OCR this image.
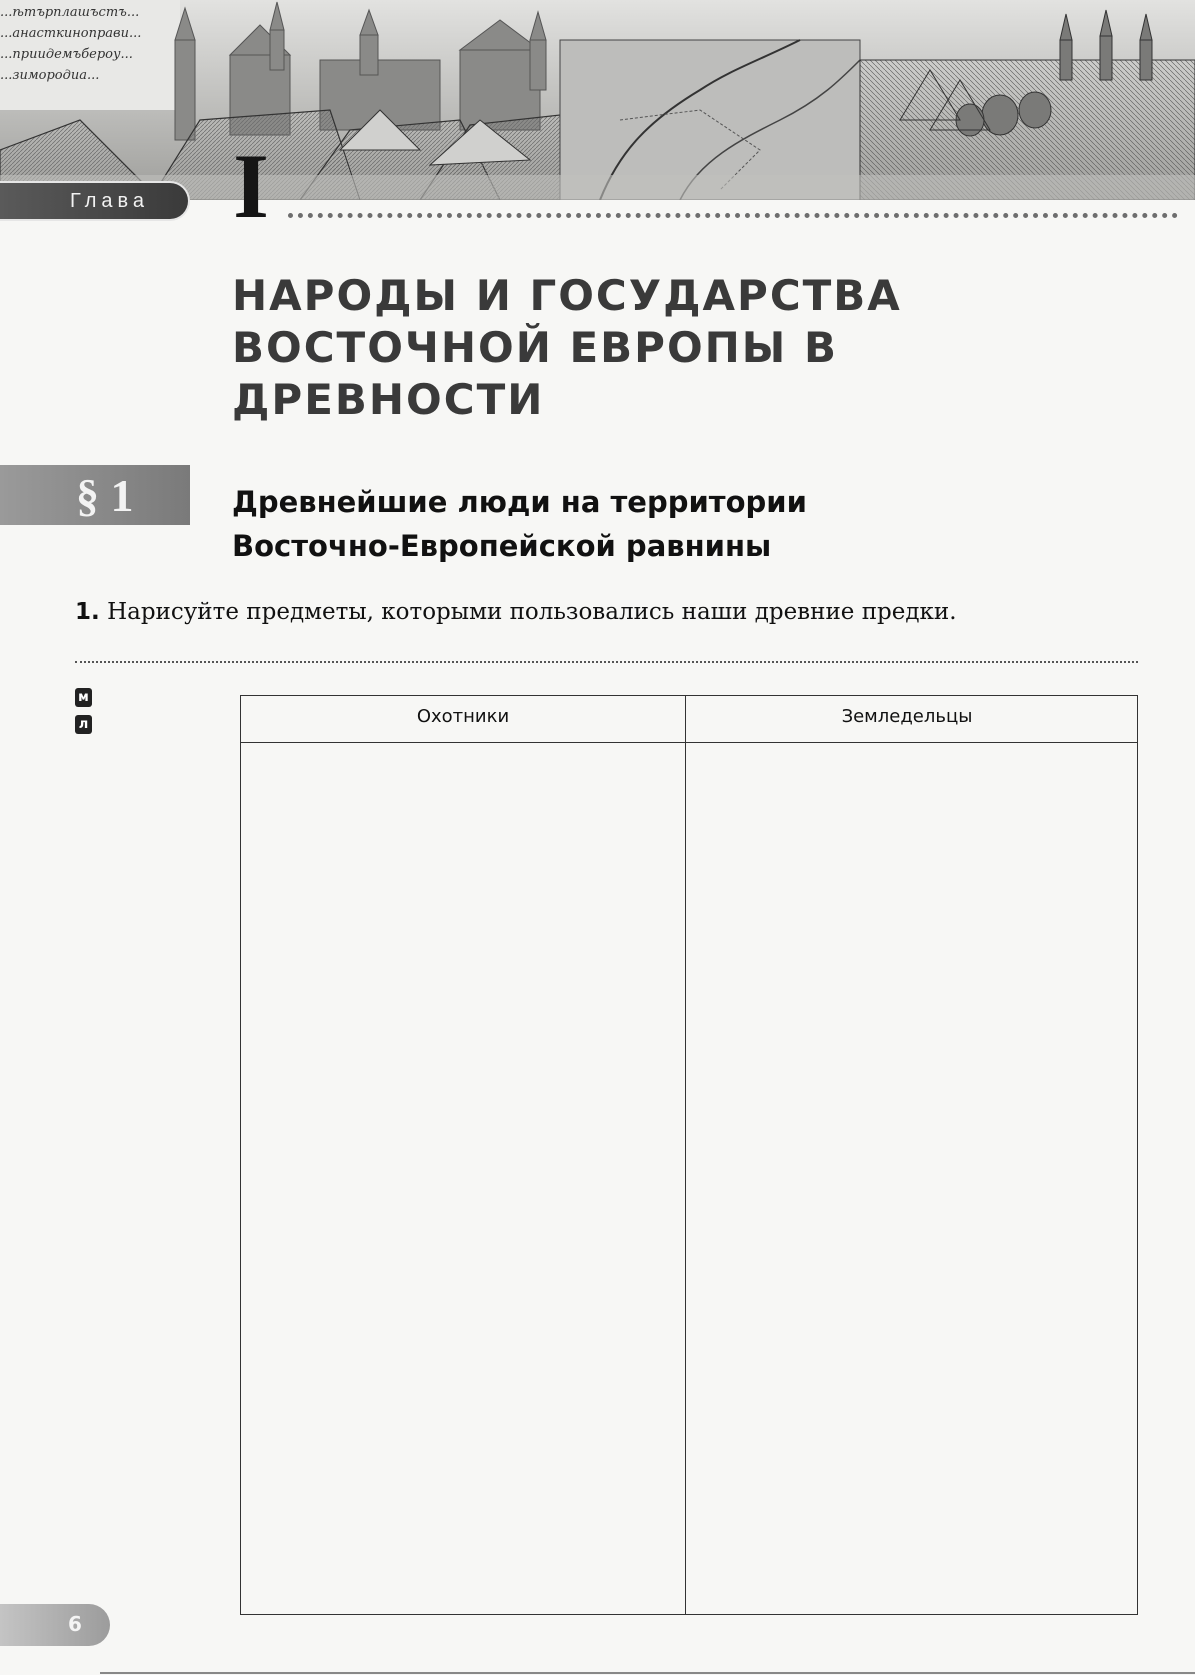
...ѣтърплашъстъ...
...анасткиноправи...
...приидемъбероу...
...зимородиа...
Глава I
НАРОДЫ И ГОСУДАРСТВА
ВОСТОЧНОЙ ЕВРОПЫ В ДРЕВНОСТИ
§ 1	Древнейшие люди на территории
Восточно-Европейской равнины
1. Нарисуйте предметы, которыми пользовались наши древние предки.
м
л	Охотники	Земледельцы
6
